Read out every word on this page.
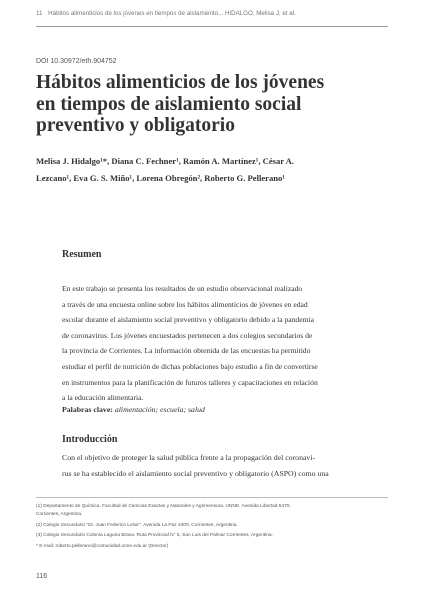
11 Hábitos alimenticios de los jóvenes en tiempos de aislamiento... HIDALGO, Melisa J. et al.
DOI 10.30972/eth.904752
Hábitos alimenticios de los jóvenes
en tiempos de aislamiento social
preventivo y obligatorio
Melisa J. Hidalgo¹*, Diana C. Fechner¹, Ramón A. Martínez¹, César A.
Lezcano¹, Eva G. S. Miño¹, Lorena Obregón², Roberto G. Pellerano¹
Resumen
En este trabajo se presenta los resultados de un estudio observacional realizado
a través de una encuesta online sobre los hábitos alimenticios de jóvenes en edad
escolar durante el aislamiento social preventivo y obligatorio debido a la pandemia
de coronavirus. Los jóvenes encuestados pertenecen a dos colegios secundarios de
la provincia de Corrientes. La información obtenida de las encuestas ha permitido
estudiar el perfil de nutrición de dichas poblaciones bajo estudio a fin de convertirse
en instrumentos para la planificación de futuros talleres y capacitaciones en relación
a la educación alimentaria.
Palabras clave: alimentación; escuela; salud
Introducción
Con el objetivo de proteger la salud pública frente a la propagación del coronavi-
rus se ha establecido el aislamiento social preventivo y obligatorio (ASPO) como una
(1) Departamento de Química. Facultad de Ciencias Exactas y Naturales y Agrimensura. UNNE. Avenida Libertad 5470,
Corrientes, Argentina.
(2) Colegio Secundario "Dr. Juan Federico Leloir". Avenida La Paz 4400, Corrientes, Argentina.
(3) Colegio Secundario Colonia Laguna Brava. Ruta Provincial N° 5, San Luis del Palmar Corrientes, Argentina.
* E-mail: roberto.pellerano@comunidad.unne.edu.ar (Director)
116
